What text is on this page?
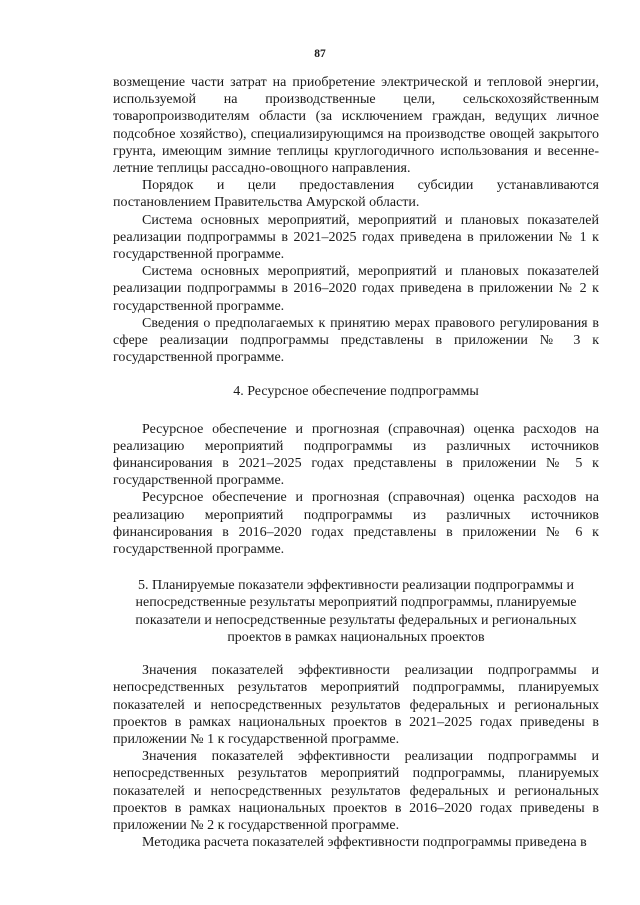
87

возмещение части затрат на приобретение электрической и тепловой энергии, используемой на производственные цели, сельскохозяйственным товаропроизводителям области (за исключением граждан, ведущих личное подсобное хозяйство), специализирующимся на производстве овощей закрытого грунта, имеющим зимние теплицы круглогодичного использования и весенне-летние теплицы рассадно-овощного направления.

Порядок и цели предоставления субсидии устанавливаются постановлением Правительства Амурской области.

Система основных мероприятий, мероприятий и плановых показателей реализации подпрограммы в 2021–2025 годах приведена в приложении № 1 к государственной программе.

Система основных мероприятий, мероприятий и плановых показателей реализации подпрограммы в 2016–2020 годах приведена в приложении № 2 к государственной программе.

Сведения о предполагаемых к принятию мерах правового регулирования в сфере реализации подпрограммы представлены в приложении № 3 к государственной программе.

4. Ресурсное обеспечение подпрограммы

Ресурсное обеспечение и прогнозная (справочная) оценка расходов на реализацию мероприятий подпрограммы из различных источников финансирования в 2021–2025 годах представлены в приложении № 5 к государственной программе.

Ресурсное обеспечение и прогнозная (справочная) оценка расходов на реализацию мероприятий подпрограммы из различных источников финансирования в 2016–2020 годах представлены в приложении № 6 к государственной программе.

5. Планируемые показатели эффективности реализации подпрограммы и
непосредственные результаты мероприятий подпрограммы, планируемые
показатели и непосредственные результаты федеральных и региональных
проектов в рамках национальных проектов

Значения показателей эффективности реализации подпрограммы и непосредственных результатов мероприятий подпрограммы, планируемых показателей и непосредственных результатов федеральных и региональных проектов в рамках национальных проектов в 2021–2025 годах приведены в приложении № 1 к государственной программе.

Значения показателей эффективности реализации подпрограммы и непосредственных результатов мероприятий подпрограммы, планируемых показателей и непосредственных результатов федеральных и региональных проектов в рамках национальных проектов в 2016–2020 годах приведены в приложении № 2 к государственной программе.

Методика расчета показателей эффективности подпрограммы приведена в
